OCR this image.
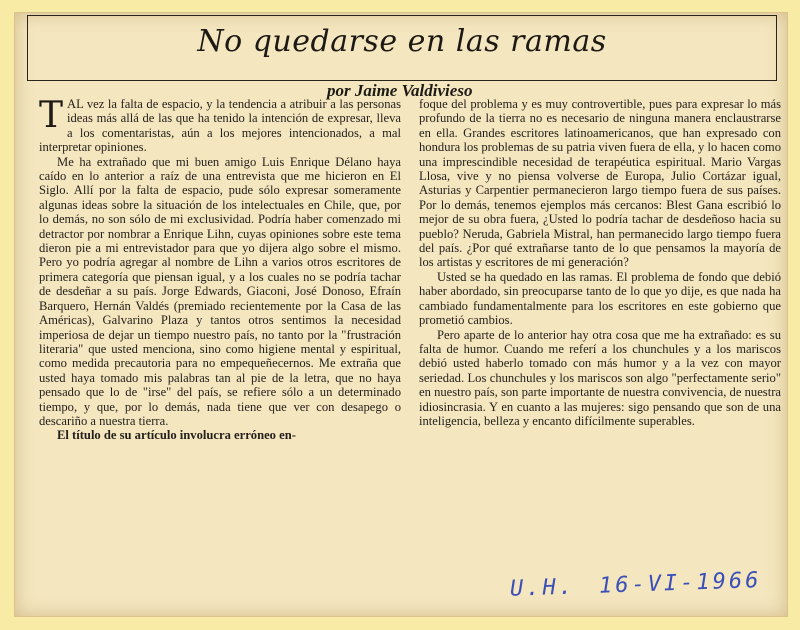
No quedarse en las ramas
por Jaime Valdivieso

TAL vez la falta de espacio, y la tendencia a atribuir a las personas ideas más allá de las que ha tenido la intención de expresar, lleva a los comentaristas, aún a los mejores intencionados, a mal interpretar opiniones.

Me ha extrañado que mi buen amigo Luis Enrique Délano haya caído en lo anterior a raíz de una entrevista que me hicieron en El Siglo. Allí por la falta de espacio, pude sólo expresar someramente algunas ideas sobre la situación de los intelectuales en Chile, que, por lo demás, no son sólo de mi exclusividad. Podría haber comenzado mi detractor por nombrar a Enrique Lihn, cuyas opiniones sobre este tema dieron pie a mi entrevistador para que yo dijera algo sobre el mismo. Pero yo podría agregar al nombre de Lihn a varios otros escritores de primera categoría que piensan igual, y a los cuales no se podría tachar de desdeñar a su país. Jorge Edwards, Giaconi, José Donoso, Efraín Barquero, Hernán Valdés (premiado recientemente por la Casa de las Américas), Galvarino Plaza y tantos otros sentimos la necesidad imperiosa de dejar un tiempo nuestro país, no tanto por la "frustración literaria" que usted menciona, sino como higiene mental y espiritual, como medida precautoria para no empequeñecernos. Me extraña que usted haya tomado mis palabras tan al pie de la letra, que no haya pensado que lo de "irse" del país, se refiere sólo a un determinado tiempo, y que, por lo demás, nada tiene que ver con desapego o descariño a nuestra tierra.

El título de su artículo involucra erróneo en-

foque del problema y es muy controvertible, pues para expresar lo más profundo de la tierra no es necesario de ninguna manera enclaustrarse en ella. Grandes escritores latinoamericanos, que han expresado con hondura los problemas de su patria viven fuera de ella, y lo hacen como una imprescindible necesidad de terapéutica espiritual. Mario Vargas Llosa, vive y no piensa volverse de Europa, Julio Cortázar igual, Asturias y Carpentier permanecieron largo tiempo fuera de sus países. Por lo demás, tenemos ejemplos más cercanos: Blest Gana escribió lo mejor de su obra fuera, ¿Usted lo podría tachar de desdeñoso hacia su pueblo? Neruda, Gabriela Mistral, han permanecido largo tiempo fuera del país. ¿Por qué extrañarse tanto de lo que pensamos la mayoría de los artistas y escritores de mi generación?

Usted se ha quedado en las ramas. El problema de fondo que debió haber abordado, sin preocuparse tanto de lo que yo dije, es que nada ha cambiado fundamentalmente para los escritores en este gobierno que prometió cambios.

Pero aparte de lo anterior hay otra cosa que me ha extrañado: es su falta de humor. Cuando me referí a los chunchules y a los mariscos debió usted haberlo tomado con más humor y a la vez con mayor seriedad. Los chunchules y los mariscos son algo "perfectamente serio" en nuestro país, son parte importante de nuestra convivencia, de nuestra idiosincrasia. Y en cuanto a las mujeres: sigo pensando que son de una inteligencia, belleza y encanto difícilmente superables.

U.H. 16-VI-1966
